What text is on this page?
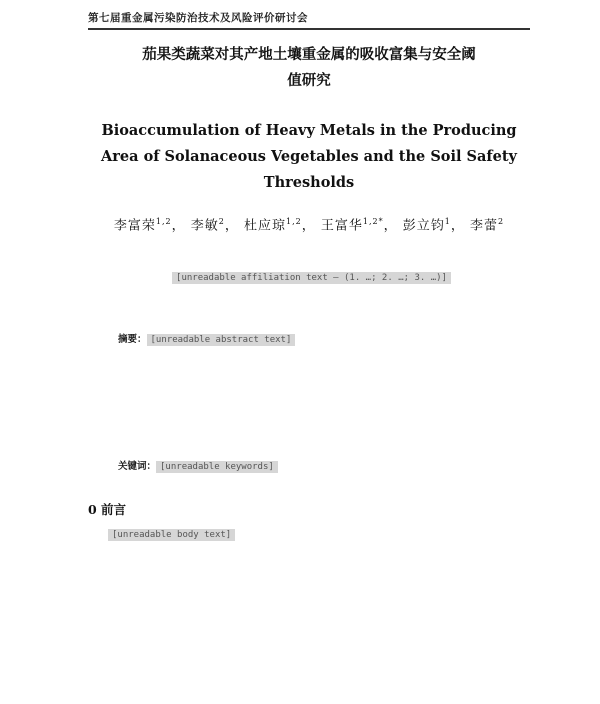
第七届重金属污染防治技术及风险评价研讨会
茄果类蔬菜对其产地土壤重金属的吸收富集与安全阈
值研究
Bioaccumulation of Heavy Metals in the Producing
Area of Solanaceous Vegetables and the Soil Safety
Thresholds
李富荣$^{1,2}$， 李敏$^2$， 杜应琼$^{1,2}$， 王富华$^{1,2*}$， 彭立钧$^1$， 李蕾$^2$
[unreadable affiliation text — (1. …; 2. …; 3. …)]
摘要： [unreadable abstract text]
关键词： [unreadable keywords]
0 前言
[unreadable body text]
